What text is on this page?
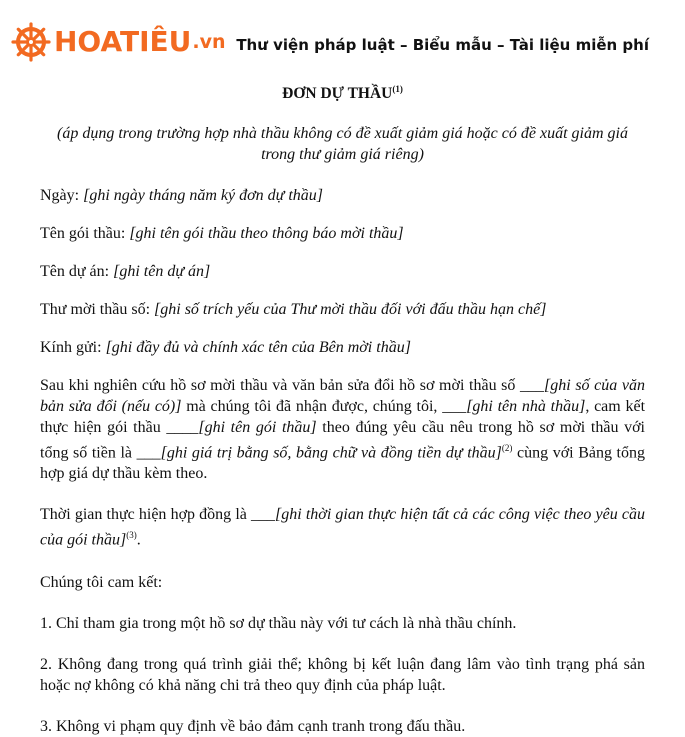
HOATIÊU .vn Thư viện pháp luật – Biểu mẫu – Tài liệu miễn phí

ĐƠN DỰ THẦU$^{(1)}$

(áp dụng trong trường hợp nhà thầu không có đề xuất giảm giá hoặc có đề xuất giảm giá trong thư giảm giá riêng)

Ngày: [ghi ngày tháng năm ký đơn dự thầu]

Tên gói thầu: [ghi tên gói thầu theo thông báo mời thầu]

Tên dự án: [ghi tên dự án]

Thư mời thầu số: [ghi số trích yếu của Thư mời thầu đối với đấu thầu hạn chế]

Kính gửi: [ghi đầy đủ và chính xác tên của Bên mời thầu]

Sau khi nghiên cứu hồ sơ mời thầu và văn bản sửa đổi hồ sơ mời thầu số ___[ghi số của văn bản sửa đổi (nếu có)] mà chúng tôi đã nhận được, chúng tôi, ___[ghi tên nhà thầu], cam kết thực hiện gói thầu ____[ghi tên gói thầu] theo đúng yêu cầu nêu trong hồ sơ mời thầu với tổng số tiền là ___[ghi giá trị bằng số, bằng chữ và đồng tiền dự thầu]$^{(2)}$ cùng với Bảng tổng hợp giá dự thầu kèm theo.

Thời gian thực hiện hợp đồng là ___[ghi thời gian thực hiện tất cả các công việc theo yêu cầu của gói thầu]$^{(3)}$.

Chúng tôi cam kết:

1. Chỉ tham gia trong một hồ sơ dự thầu này với tư cách là nhà thầu chính.

2. Không đang trong quá trình giải thể; không bị kết luận đang lâm vào tình trạng phá sản hoặc nợ không có khả năng chi trả theo quy định của pháp luật.

3. Không vi phạm quy định về bảo đảm cạnh tranh trong đấu thầu.
